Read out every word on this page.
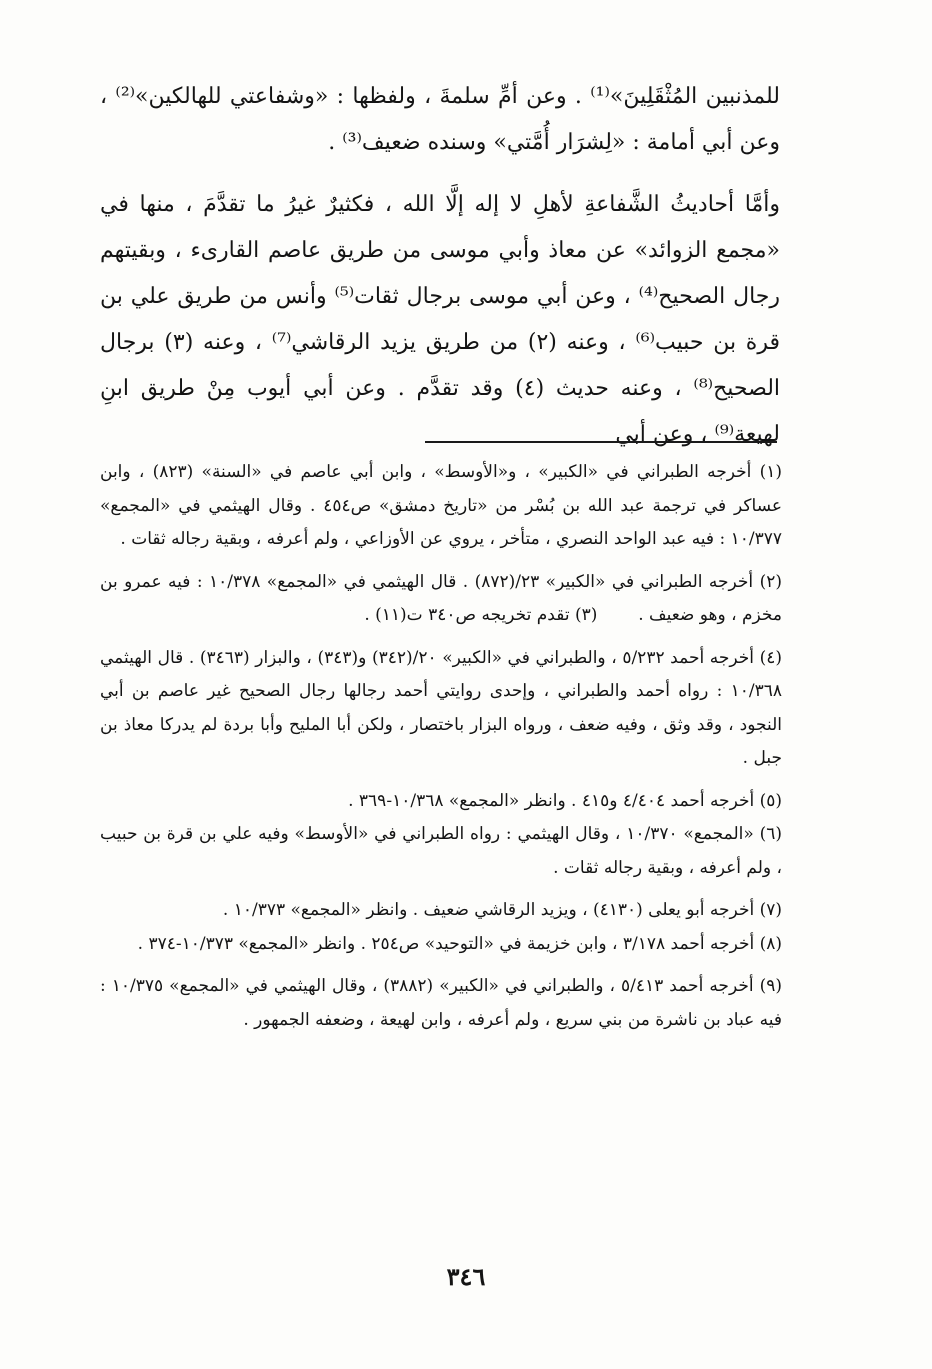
للمذنبين المُثْقَلِينَ»⁽¹⁾ . وعن أمِّ سلمةَ ، ولفظها : «وشفاعتي للهالكين»⁽²⁾ ، وعن أبي أمامة : «لِشرَار أُمَّتي» وسنده ضعيف⁽³⁾ .

وأمَّا أحاديثُ الشَّفاعةِ لأهلِ لا إله إلَّا الله ، فكثيرٌ غيرُ ما تقدَّمَ ، منها في «مجمع الزوائد» عن معاذ وأبي موسى من طريق عاصم القارىء ، وبقيتهم رجال الصحيح⁽⁴⁾ ، وعن أبي موسى برجال ثقات⁽⁵⁾ وأنس من طريق علي بن قرة بن حبيب⁽⁶⁾ ، وعنه (٢) من طريق يزيد الرقاشي⁽⁷⁾ ، وعنه (٣) برجال الصحيح⁽⁸⁾ ، وعنه حديث (٤) وقد تقدَّم . وعن أبي أيوب مِنْ طريق ابنِ لهيعة⁽⁹⁾ ، وعن أبي

(١) أخرجه الطبراني في «الكبير» ، و«الأوسط» ، وابن أبي عاصم في «السنة» (٨٢٣) ، وابن عساكر في ترجمة عبد الله بن بُسْر من «تاريخ دمشق» ص٤٥٤ . وقال الهيثمي في «المجمع» ١٠/٣٧٧ : فيه عبد الواحد النصري ، متأخر ، يروي عن الأوزاعي ، ولم أعرفه ، وبقية رجاله ثقات .

(٢) أخرجه الطبراني في «الكبير» ٢٣/(٨٧٢) . قال الهيثمي في «المجمع» ١٠/٣٧٨ : فيه عمرو بن مخزم ، وهو ضعيف .  (٣) تقدم تخريجه ص٣٤٠ ت(١١) .

(٤) أخرجه أحمد ٥/٢٣٢ ، والطبراني في «الكبير» ٢٠/(٣٤٢) و(٣٤٣) ، والبزار (٣٤٦٣) . قال الهيثمي ١٠/٣٦٨ : رواه أحمد والطبراني ، وإحدى روايتي أحمد رجالها رجال الصحيح غير عاصم بن أبي النجود ، وقد وثق ، وفيه ضعف ، ورواه البزار باختصار ، ولكن أبا المليح وأبا بردة لم يدركا معاذ بن جبل .

(٥) أخرجه أحمد ٤/٤٠٤ و٤١٥ . وانظر «المجمع» ١٠/٣٦٨-٣٦٩ .

(٦) «المجمع» ١٠/٣٧٠ ، وقال الهيثمي : رواه الطبراني في «الأوسط» وفيه علي بن قرة بن حبيب ، ولم أعرفه ، وبقية رجاله ثقات .

(٧) أخرجه أبو يعلى (٤١٣٠) ، ويزيد الرقاشي ضعيف . وانظر «المجمع» ١٠/٣٧٣ .

(٨) أخرجه أحمد ٣/١٧٨ ، وابن خزيمة في «التوحيد» ص٢٥٤ . وانظر «المجمع» ١٠/٣٧٣-٣٧٤ .

(٩) أخرجه أحمد ٥/٤١٣ ، والطبراني في «الكبير» (٣٨٨٢) ، وقال الهيثمي في «المجمع» ١٠/٣٧٥ : فيه عباد بن ناشرة من بني سريع ، ولم أعرفه ، وابن لهيعة ، وضعفه الجمهور .

٣٤٦
